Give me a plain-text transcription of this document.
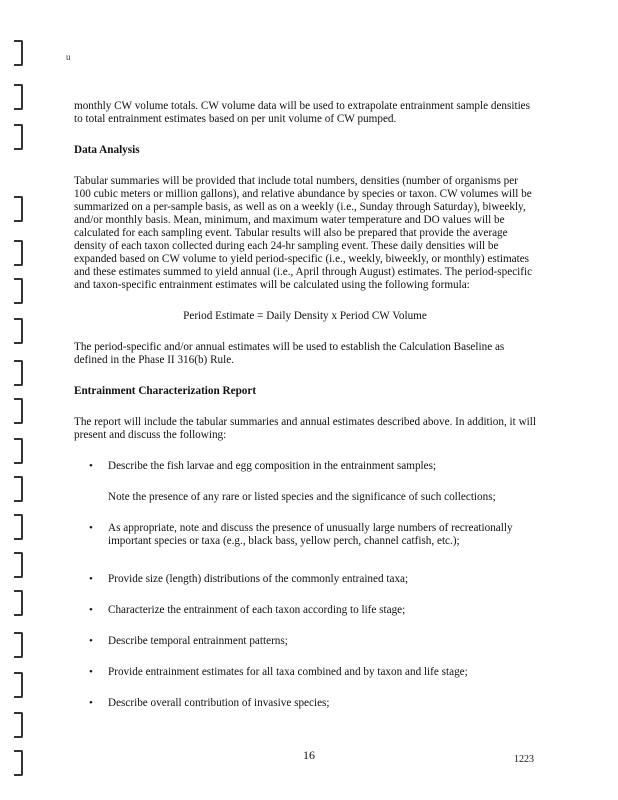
u

monthly CW volume totals. CW volume data will be used to extrapolate entrainment sample densities to total entrainment estimates based on per unit volume of CW pumped.

Data Analysis

Tabular summaries will be provided that include total numbers, densities (number of organisms per 100 cubic meters or million gallons), and relative abundance by species or taxon. CW volumes will be summarized on a per-sample basis, as well as on a weekly (i.e., Sunday through Saturday), biweekly, and/or monthly basis. Mean, minimum, and maximum water temperature and DO values will be calculated for each sampling event. Tabular results will also be prepared that provide the average density of each taxon collected during each 24-hr sampling event. These daily densities will be expanded based on CW volume to yield period-specific (i.e., weekly, biweekly, or monthly) estimates and these estimates summed to yield annual (i.e., April through August) estimates. The period-specific and taxon-specific entrainment estimates will be calculated using the following formula:

Period Estimate = Daily Density x Period CW Volume

The period-specific and/or annual estimates will be used to establish the Calculation Baseline as defined in the Phase II 316(b) Rule.

Entrainment Characterization Report

The report will include the tabular summaries and annual estimates described above. In addition, it will present and discuss the following:

• Describe the fish larvae and egg composition in the entrainment samples;

Note the presence of any rare or listed species and the significance of such collections;

• As appropriate, note and discuss the presence of unusually large numbers of recreationally important species or taxa (e.g., black bass, yellow perch, channel catfish, etc.);
• Provide size (length) distributions of the commonly entrained taxa;
• Characterize the entrainment of each taxon according to life stage;
• Describe temporal entrainment patterns;
• Provide entrainment estimates for all taxa combined and by taxon and life stage;
• Describe overall contribution of invasive species;
16	1223
